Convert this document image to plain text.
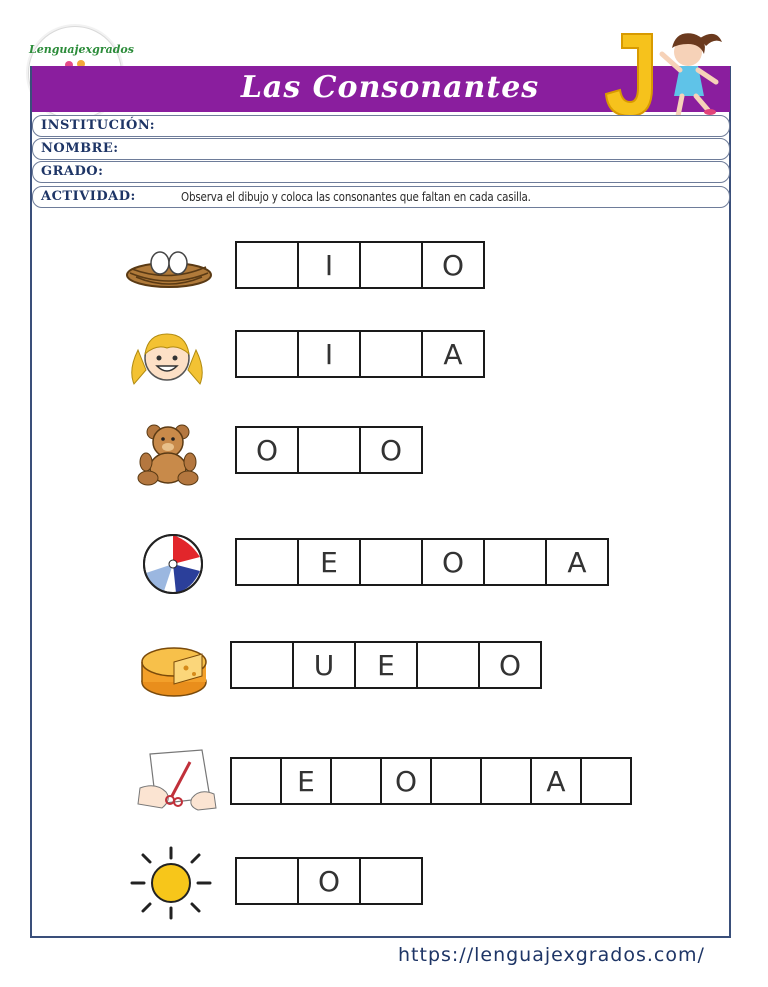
Lenguajexgrados
Las Consonantes
INSTITUCIÓN:
NOMBRE:
GRADO:
ACTIVIDAD:	Observa el dibujo y coloca las consonantes que faltan en cada casilla.
I	O
I	A
O	O
E	O	A
U	E	O
E	O	A
O
https://lenguajexgrados.com/
